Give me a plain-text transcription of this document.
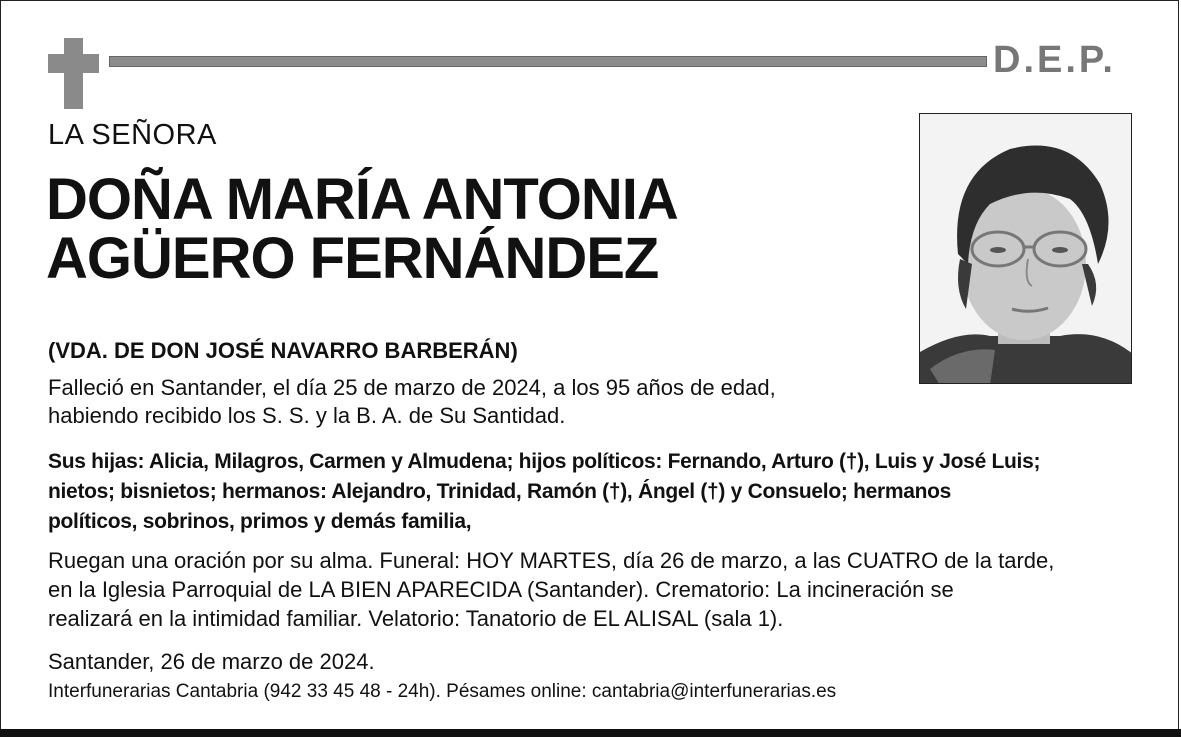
D.E.P.
LA SEÑORA
DOÑA MARÍA ANTONIA
AGÜERO FERNÁNDEZ
(VDA. DE DON JOSÉ NAVARRO BARBERÁN)
Falleció en Santander, el día 25 de marzo de 2024, a los 95 años de edad,
habiendo recibido los S. S. y la B. A. de Su Santidad.
Sus hijas: Alicia, Milagros, Carmen y Almudena; hijos políticos: Fernando, Arturo (†), Luis y José Luis;
nietos; bisnietos; hermanos: Alejandro, Trinidad, Ramón (†), Ángel (†) y Consuelo; hermanos
políticos, sobrinos, primos y demás familia,
Ruegan una oración por su alma. Funeral: HOY MARTES, día 26 de marzo, a las CUATRO de la tarde,
en la Iglesia Parroquial de LA BIEN APARECIDA (Santander). Crematorio: La incineración se
realizará en la intimidad familiar. Velatorio: Tanatorio de EL ALISAL (sala 1).
Santander, 26 de marzo de 2024.
Interfunerarias Cantabria (942 33 45 48 - 24h). Pésames online: cantabria@interfunerarias.es
